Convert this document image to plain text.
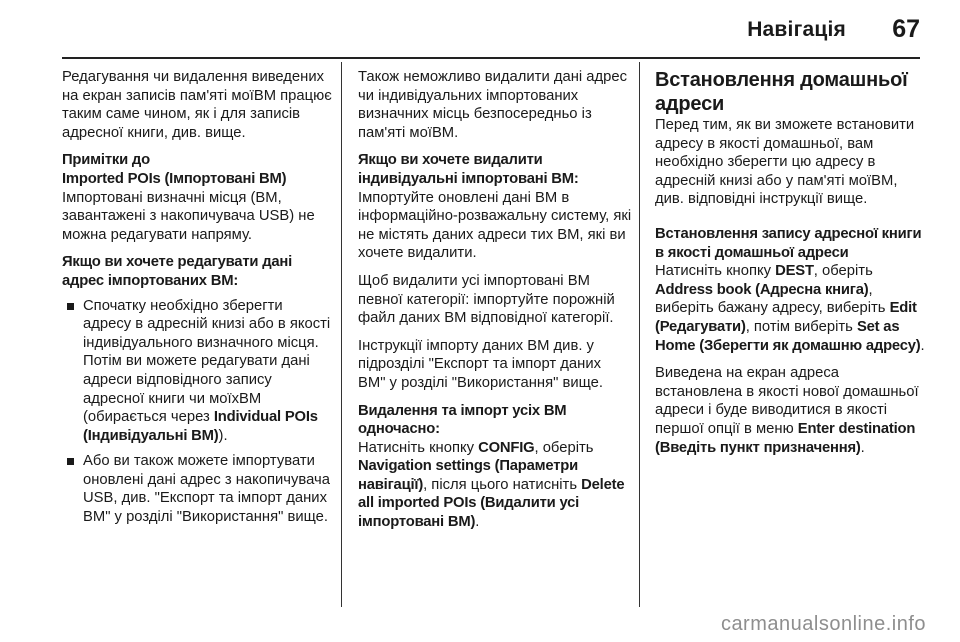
Навігація 67

Редагування чи видалення виведених на екран записів пам'яті моїВМ працює таким саме чином, як і для записів адресної книги, див. вище.

Примітки до
Imported POIs (Імпортовані ВМ)

Імпортовані визначні місця (ВМ, завантажені з накопичувача USB) не можна редагувати напряму.

Якщо ви хочете редагувати дані адрес імпортованих ВМ:

Спочатку необхідно зберегти адресу в адресній книзі або в якості індивідуального визначного місця. Потім ви можете редагувати дані адреси відповідного запису адресної книги чи моїхВМ (обирається через Individual POIs (Індивідуальні ВМ)).
Або ви також можете імпортувати оновлені дані адрес з накопичувача USB, див. "Експорт та імпорт даних ВМ" у розділі "Використання" вище.

Також неможливо видалити дані адрес чи індивідуальних імпортованих визначних місць безпосередньо із пам'яті моїВМ.

Якщо ви хочете видалити індивідуальні імпортовані ВМ:

Імпортуйте оновлені дані ВМ в інформаційно-розважальну систему, які не містять даних адреси тих ВМ, які ви хочете видалити.

Щоб видалити усі імпортовані ВМ певної категорії: імпортуйте порожній файл даних ВМ відповідної категорії.

Інструкції імпорту даних ВМ див. у підрозділі "Експорт та імпорт даних ВМ" у розділі "Використання" вище.

Видалення та імпорт усіх ВМ одночасно:

Натисніть кнопку CONFIG, оберіть Navigation settings (Параметри навігації), після цього натисніть Delete all imported POIs (Видалити усі імпортовані ВМ).

Встановлення домашньої адреси

Перед тим, як ви зможете встановити адресу в якості домашньої, вам необхідно зберегти цю адресу в адресній книзі або у пам'яті моїВМ, див. відповідні інструкції вище.

Встановлення запису адресної книги в якості домашньої адреси

Натисніть кнопку DEST, оберіть Address book (Адресна книга), виберіть бажану адресу, виберіть Edit (Редагувати), потім виберіть Set as Home (Зберегти як домашню адресу).

Виведена на екран адреса встановлена в якості нової домашньої адреси і буде виводитися в якості першої опції в меню Enter destination (Введіть пункт призначення).

carmanualsonline.info
